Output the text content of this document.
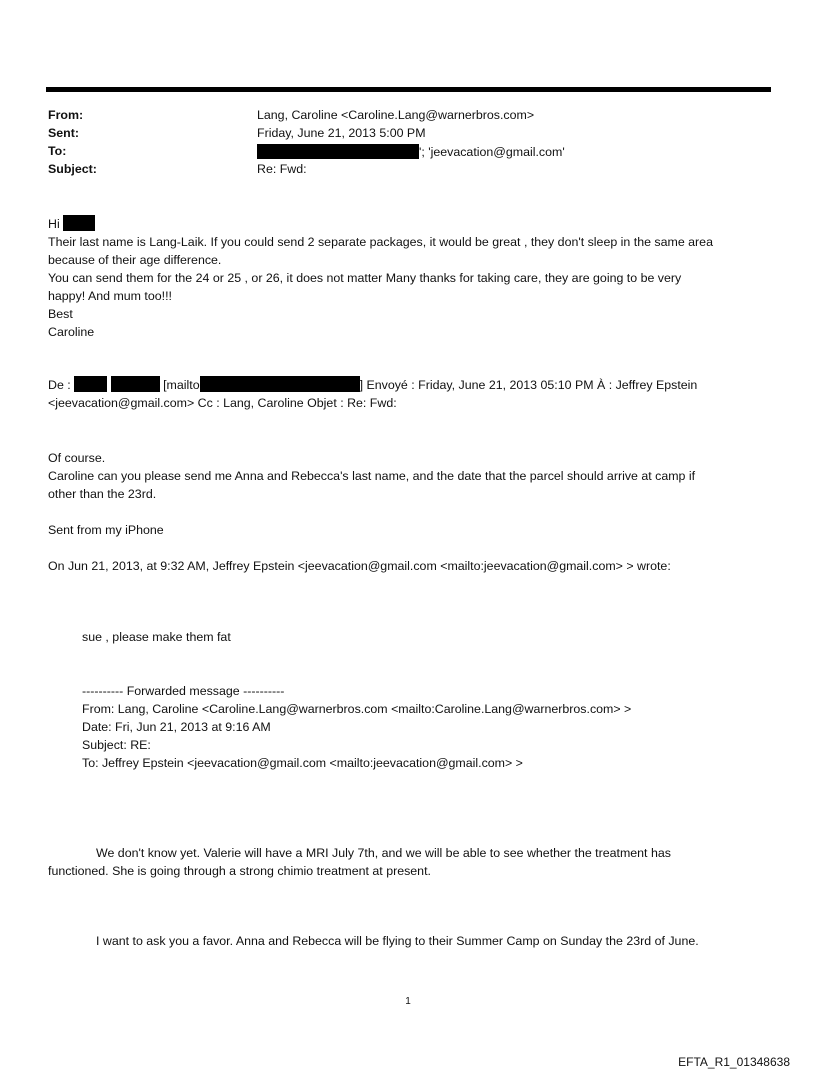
From:	Lang, Caroline <Caroline.Lang@warnerbros.com>
Sent:	Friday, June 21, 2013 5:00 PM
To:	'; 'jeevacation@gmail.com'
Subject:	Re: Fwd:
Hi
Their last name is Lang-Laik. If you could send 2 separate packages, it would be great , they don't sleep in the same area
because of their age difference.
You can send them for the 24 or 25 , or 26, it does not matter Many thanks for taking care, they are going to be very
happy! And mum too!!!
Best
Caroline
De :	[mailto	] Envoyé : Friday, June 21, 2013 05:10 PM À : Jeffrey Epstein
<jeevacation@gmail.com> Cc : Lang, Caroline Objet : Re: Fwd:
Of course.
Caroline can you please send me Anna and Rebecca's last name, and the date that the parcel should arrive at camp if
other than the 23rd.
Sent from my iPhone
On Jun 21, 2013, at 9:32 AM, Jeffrey Epstein <jeevacation@gmail.com <mailto:jeevacation@gmail.com> > wrote:
sue , please make them fat
---------- Forwarded message ----------
From: Lang, Caroline <Caroline.Lang@warnerbros.com <mailto:Caroline.Lang@warnerbros.com> >
Date: Fri, Jun 21, 2013 at 9:16 AM
Subject: RE:
To: Jeffrey Epstein <jeevacation@gmail.com <mailto:jeevacation@gmail.com> >
We don't know yet. Valerie will have a MRI July 7th, and we will be able to see whether the treatment has
functioned. She is going through a strong chimio treatment at present.
I want to ask you a favor. Anna and Rebecca will be flying to their Summer Camp on Sunday the 23rd of June.
1
EFTA_R1_01348638
